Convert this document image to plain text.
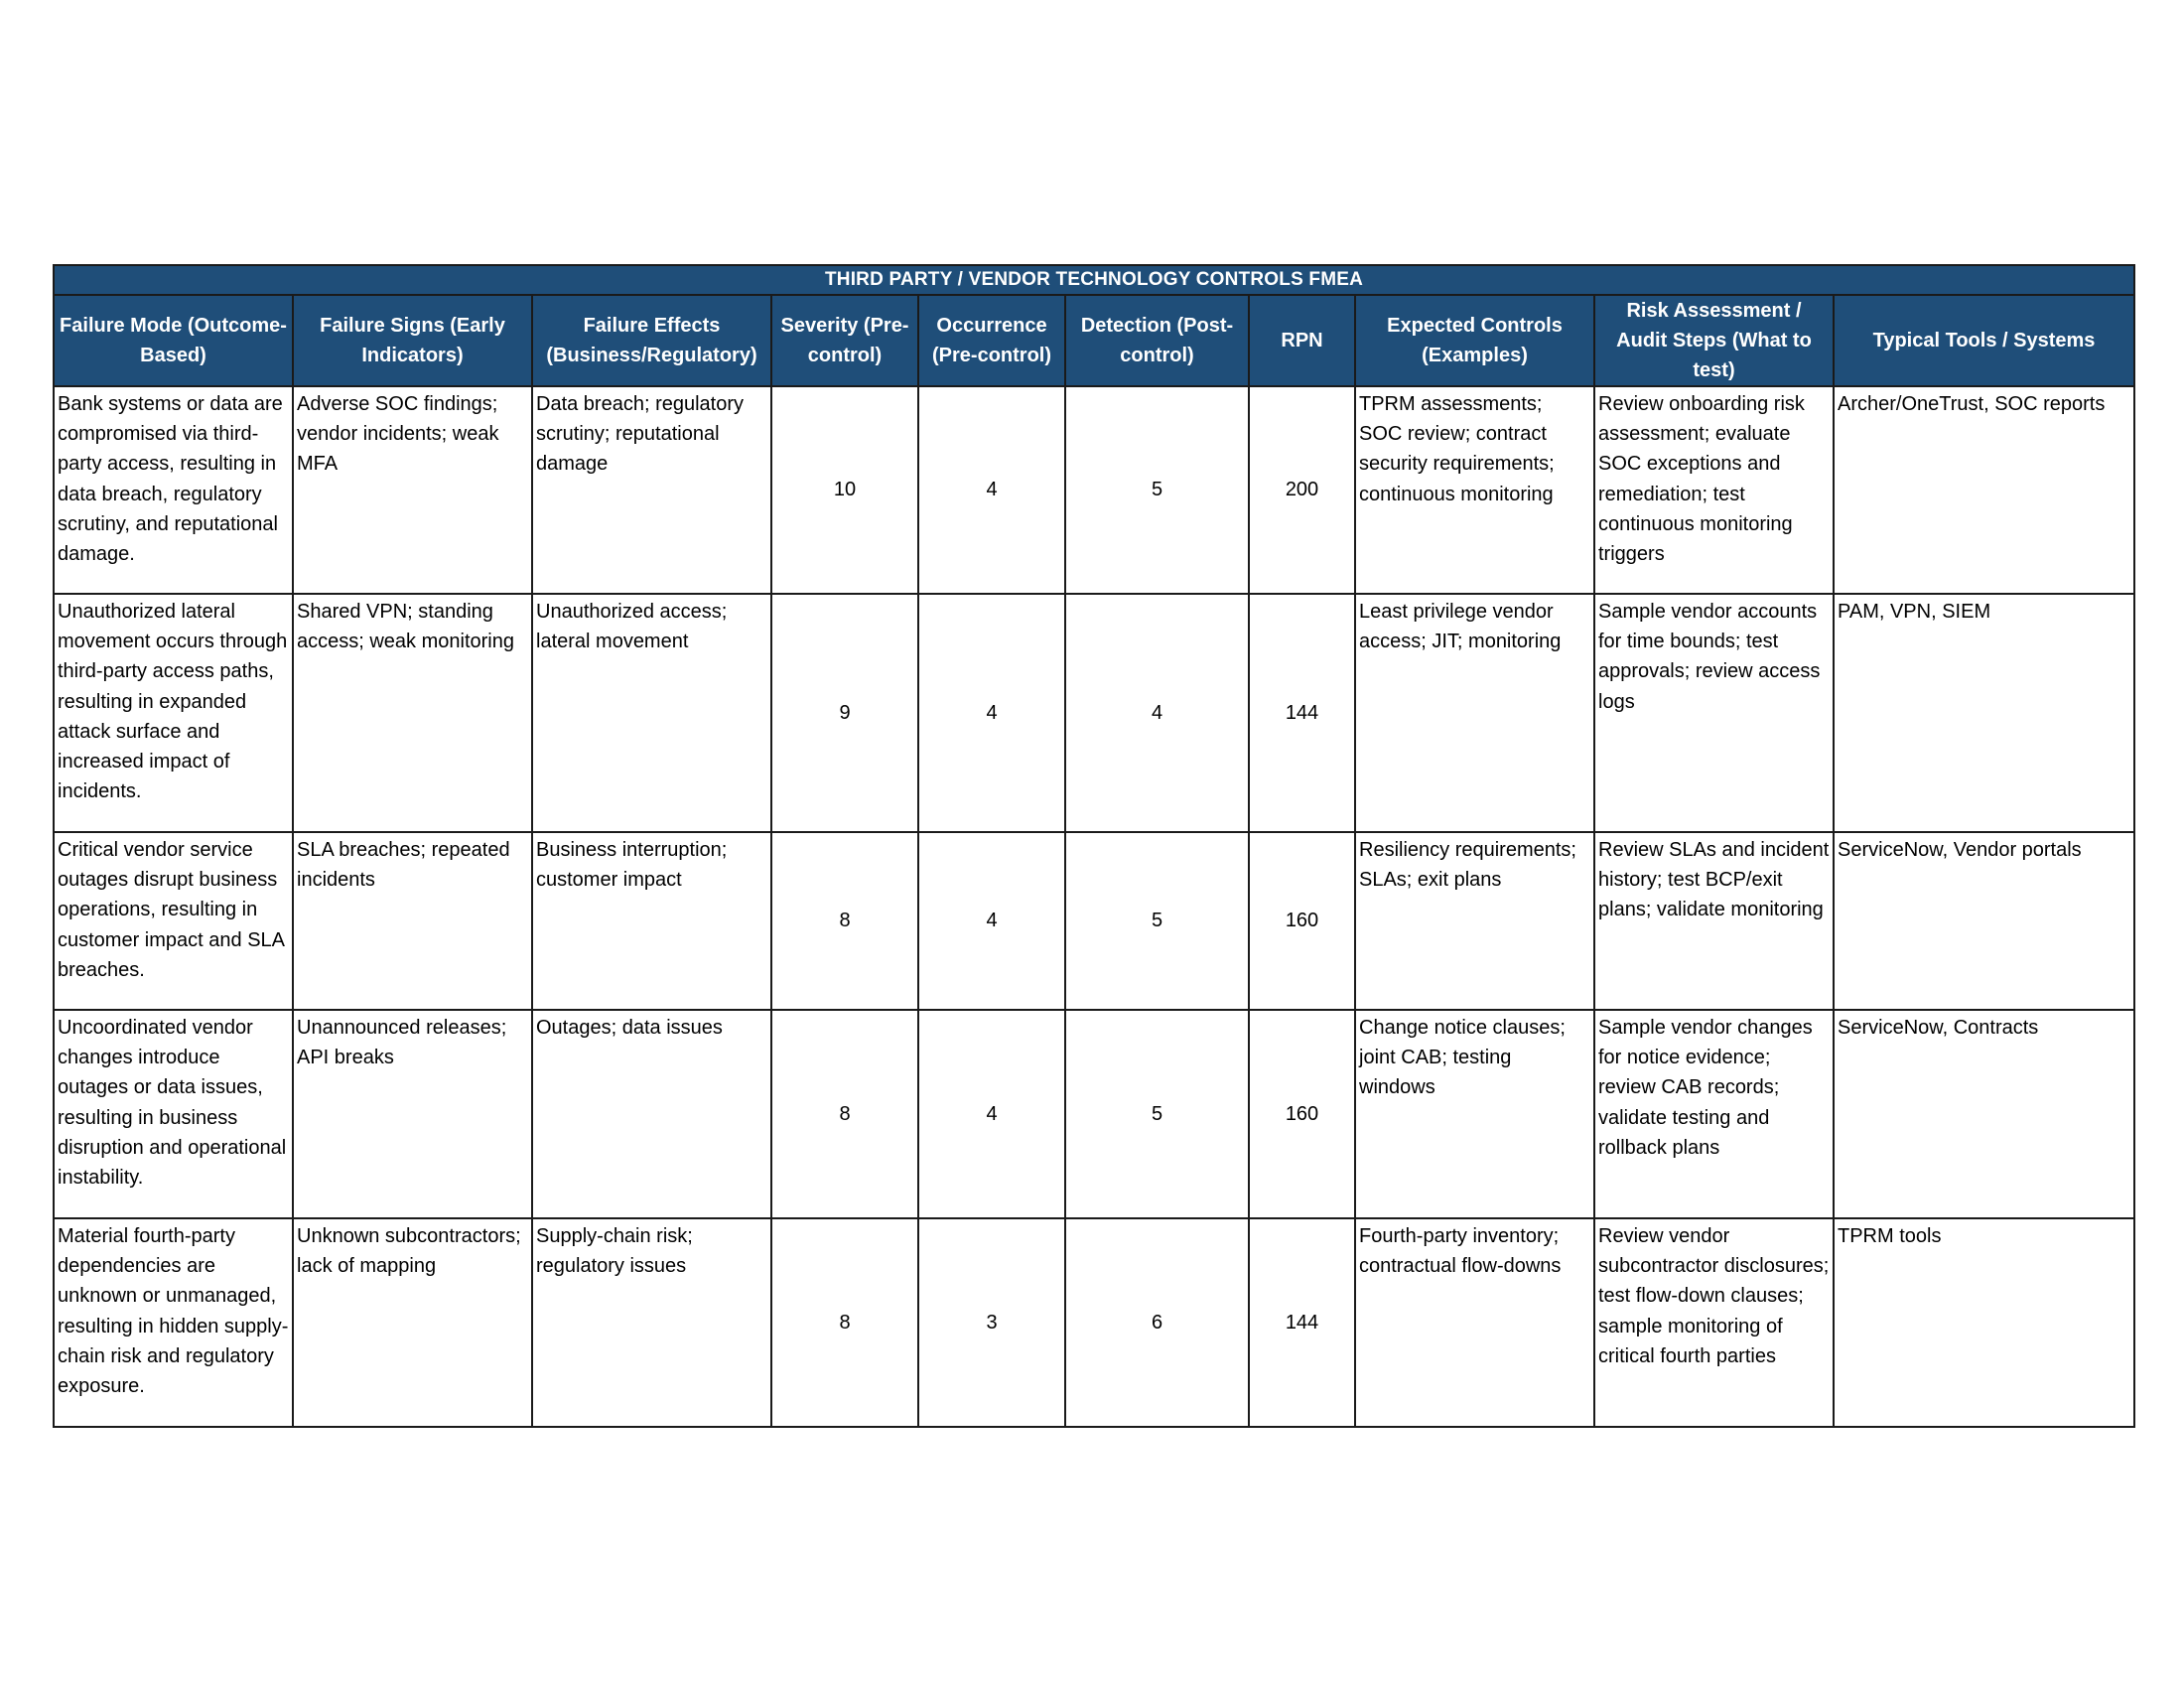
THIRD PARTY / VENDOR TECHNOLOGY CONTROLS FMEA									
Failure Mode (Outcome-Based)	Failure Signs (Early Indicators)	Failure Effects (Business/Regulatory)	Severity (Pre-control)	Occurrence (Pre-control)	Detection (Post-control)	RPN	Expected Controls (Examples)	Risk Assessment / Audit Steps (What to test)	Typical Tools / Systems
Bank systems or data are compromised via third-party access, resulting in data breach, regulatory scrutiny, and reputational damage.	Adverse SOC findings; vendor incidents; weak MFA	Data breach; regulatory scrutiny; reputational damage	10	4	5	200	TPRM assessments; SOC review; contract security requirements; continuous monitoring	Review onboarding risk assessment; evaluate SOC exceptions and remediation; test continuous monitoring triggers	Archer/OneTrust, SOC reports
Unauthorized lateral movement occurs through third-party access paths, resulting in expanded attack surface and increased impact of incidents.	Shared VPN; standing access; weak monitoring	Unauthorized access; lateral movement	9	4	4	144	Least privilege vendor access; JIT; monitoring	Sample vendor accounts for time bounds; test approvals; review access logs	PAM, VPN, SIEM
Critical vendor service outages disrupt business operations, resulting in customer impact and SLA breaches.	SLA breaches; repeated incidents	Business interruption; customer impact	8	4	5	160	Resiliency requirements; SLAs; exit plans	Review SLAs and incident history; test BCP/exit plans; validate monitoring	ServiceNow, Vendor portals
Uncoordinated vendor changes introduce outages or data issues, resulting in business disruption and operational instability.	Unannounced releases; API breaks	Outages; data issues	8	4	5	160	Change notice clauses; joint CAB; testing windows	Sample vendor changes for notice evidence; review CAB records; validate testing and rollback plans	ServiceNow, Contracts
Material fourth-party dependencies are unknown or unmanaged, resulting in hidden supply-chain risk and regulatory exposure.	Unknown subcontractors; lack of mapping	Supply-chain risk; regulatory issues	8	3	6	144	Fourth-party inventory; contractual flow-downs	Review vendor subcontractor disclosures; test flow-down clauses; sample monitoring of critical fourth parties	TPRM tools
